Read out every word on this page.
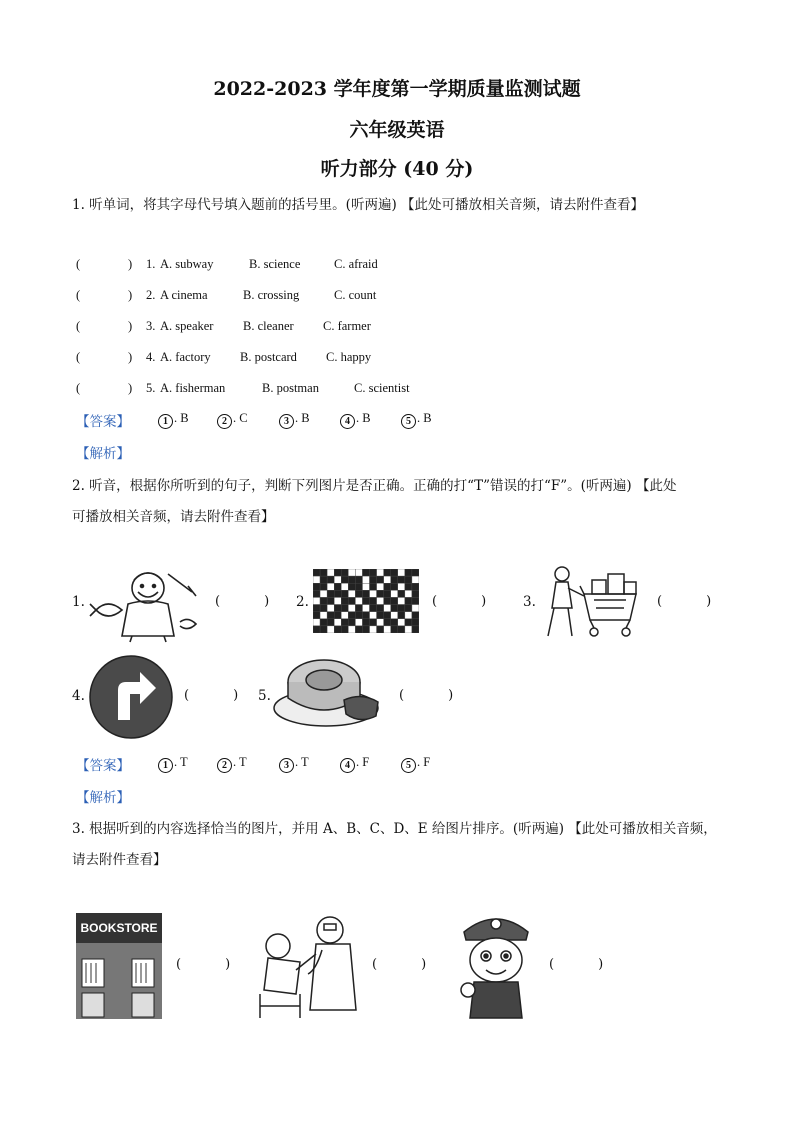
2022-2023 学年度第一学期质量监测试题
六年级英语
听力部分 (40 分)
1. 听单词，将其字母代号填入题前的括号里。(听两遍) 【此处可播放相关音频，请去附件查看】
(	) 1. A. subway	B. science	C. afraid
(	) 2. A cinema	B. crossing	C. count
(	) 3. A. speaker B. cleaner C. farmer
(	) 4. A. factory B. postcard C. happy
(	) 5. A. fisherman	B. postman	C. scientist
【答案】	1 . B	2 . C	3 . B	4 . B	5 . B
【解析】
2. 听音，根据你所听到的句子，判断下列图片是否正确。正确的打“T”错误的打“F”。(听两遍) 【此处
可播放相关音频，请去附件查看】
1.	(	) 2.	(	)	3.	(	)
4.	(	) 5.	(	)
【答案】	1 . T	2 . T	3 . T	4 . F	5 . F
【解析】
3. 根据听到的内容选择恰当的图片，并用 A、B、C、D、E 给图片排序。(听两遍) 【此处可播放相关音频，
请去附件查看】
BOOKSTORE
(	)	(	)	(	)
